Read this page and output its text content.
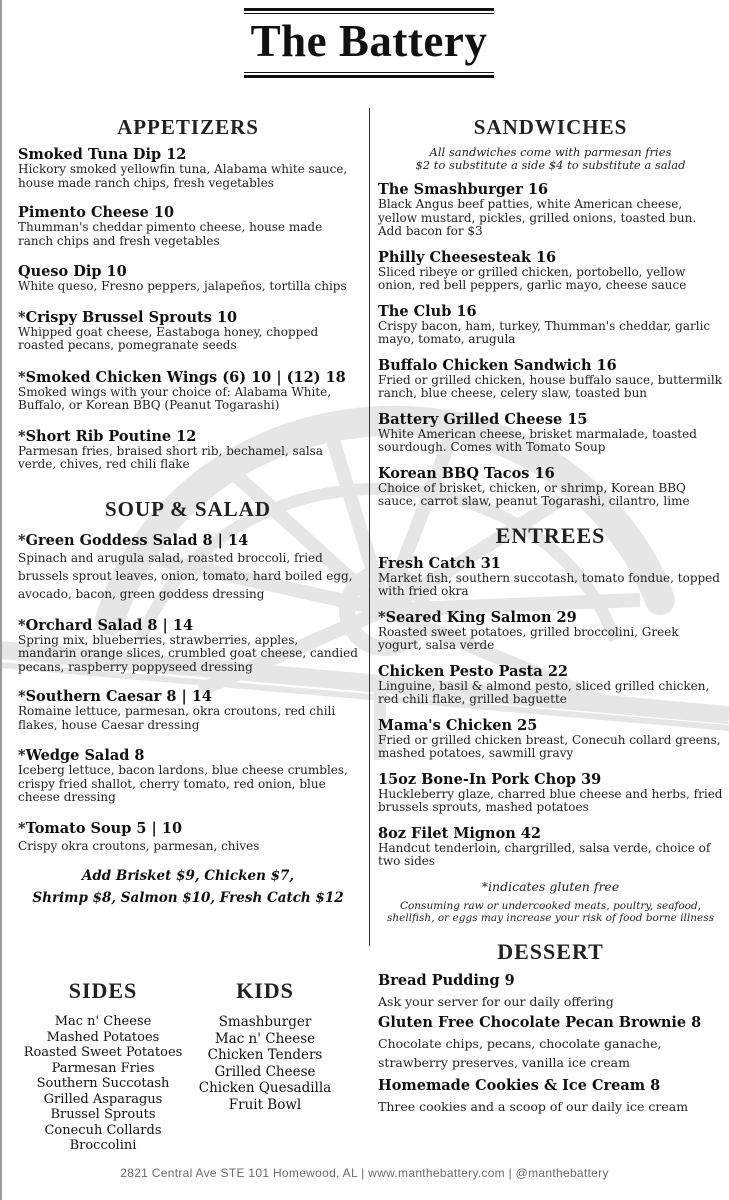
The Battery
APPETIZERS

Smoked Tuna Dip 12

Hickory smoked yellowfin tuna, Alabama white sauce, house made ranch chips, fresh vegetables

Pimento Cheese 10

Thumman's cheddar pimento cheese, house made ranch chips and fresh vegetables

Queso Dip 10

White queso, Fresno peppers, jalapeños, tortilla chips

*Crispy Brussel Sprouts 10

Whipped goat cheese, Eastaboga honey, chopped roasted pecans, pomegranate seeds

*Smoked Chicken Wings (6) 10 | (12) 18

Smoked wings with your choice of: Alabama White, Buffalo, or Korean BBQ (Peanut Togarashi)

*Short Rib Poutine 12

Parmesan fries, braised short rib, bechamel, salsa verde, chives, red chili flake

SOUP & SALAD

*Green Goddess Salad 8 | 14

Spinach and arugula salad, roasted broccoli, fried brussels sprout leaves, onion, tomato, hard boiled egg, avocado, bacon, green goddess dressing

*Orchard Salad 8 | 14

Spring mix, blueberries, strawberries, apples, mandarin orange slices, crumbled goat cheese, candied pecans, raspberry poppyseed dressing

*Southern Caesar 8 | 14

Romaine lettuce, parmesan, okra croutons, red chili flakes, house Caesar dressing

*Wedge Salad 8

Iceberg lettuce, bacon lardons, blue cheese crumbles, crispy fried shallot, cherry tomato, red onion, blue cheese dressing

*Tomato Soup 5 | 10

Crispy okra croutons, parmesan, chives

Add Brisket $9, Chicken $7,

Shrimp $8, Salmon $10, Fresh Catch $12

SIDES
Mac n' Cheese
Mashed Potatoes
Roasted Sweet Potatoes
Parmesan Fries
Southern Succotash
Grilled Asparagus
Brussel Sprouts
Conecuh Collards
Broccolini
KIDS
Smashburger
Mac n' Cheese
Chicken Tenders
Grilled Cheese
Chicken Quesadilla
Fruit Bowl
SANDWICHES

All sandwiches come with parmesan fries

$2 to substitute a side $4 to substitute a salad

The Smashburger 16

Black Angus beef patties, white American cheese, yellow mustard, pickles, grilled onions, toasted bun. Add bacon for $3

Philly Cheesesteak 16

Sliced ribeye or grilled chicken, portobello, yellow onion, red bell peppers, garlic mayo, cheese sauce

The Club 16

Crispy bacon, ham, turkey, Thumman's cheddar, garlic mayo, tomato, arugula

Buffalo Chicken Sandwich 16

Fried or grilled chicken, house buffalo sauce, buttermilk ranch, blue cheese, celery slaw, toasted bun

Battery Grilled Cheese 15

White American cheese, brisket marmalade, toasted sourdough. Comes with Tomato Soup

Korean BBQ Tacos 16

Choice of brisket, chicken, or shrimp, Korean BBQ sauce, carrot slaw, peanut Togarashi, cilantro, lime

ENTREES

Fresh Catch 31

Market fish, southern succotash, tomato fondue, topped with fried okra

*Seared King Salmon 29

Roasted sweet potatoes, grilled broccolini, Greek yogurt, salsa verde

Chicken Pesto Pasta 22

Linguine, basil & almond pesto, sliced grilled chicken, red chili flake, grilled baguette

Mama's Chicken 25

Fried or grilled chicken breast, Conecuh collard greens, mashed potatoes, sawmill gravy

15oz Bone-In Pork Chop 39

Huckleberry glaze, charred blue cheese and herbs, fried brussels sprouts, mashed potatoes

8oz Filet Mignon 42

Handcut tenderloin, chargrilled, salsa verde, choice of two sides

*indicates gluten free

Consuming raw or undercooked meats, poultry, seafood,

shellfish, or eggs may increase your risk of food borne illness

DESSERT

Bread Pudding 9

Ask your server for our daily offering

Gluten Free Chocolate Pecan Brownie 8

Chocolate chips, pecans, chocolate ganache, strawberry preserves, vanilla ice cream

Homemade Cookies & Ice Cream 8

Three cookies and a scoop of our daily ice cream

2821 Central Ave STE 101 Homewood, AL | www.manthebattery.com | @manthebattery
